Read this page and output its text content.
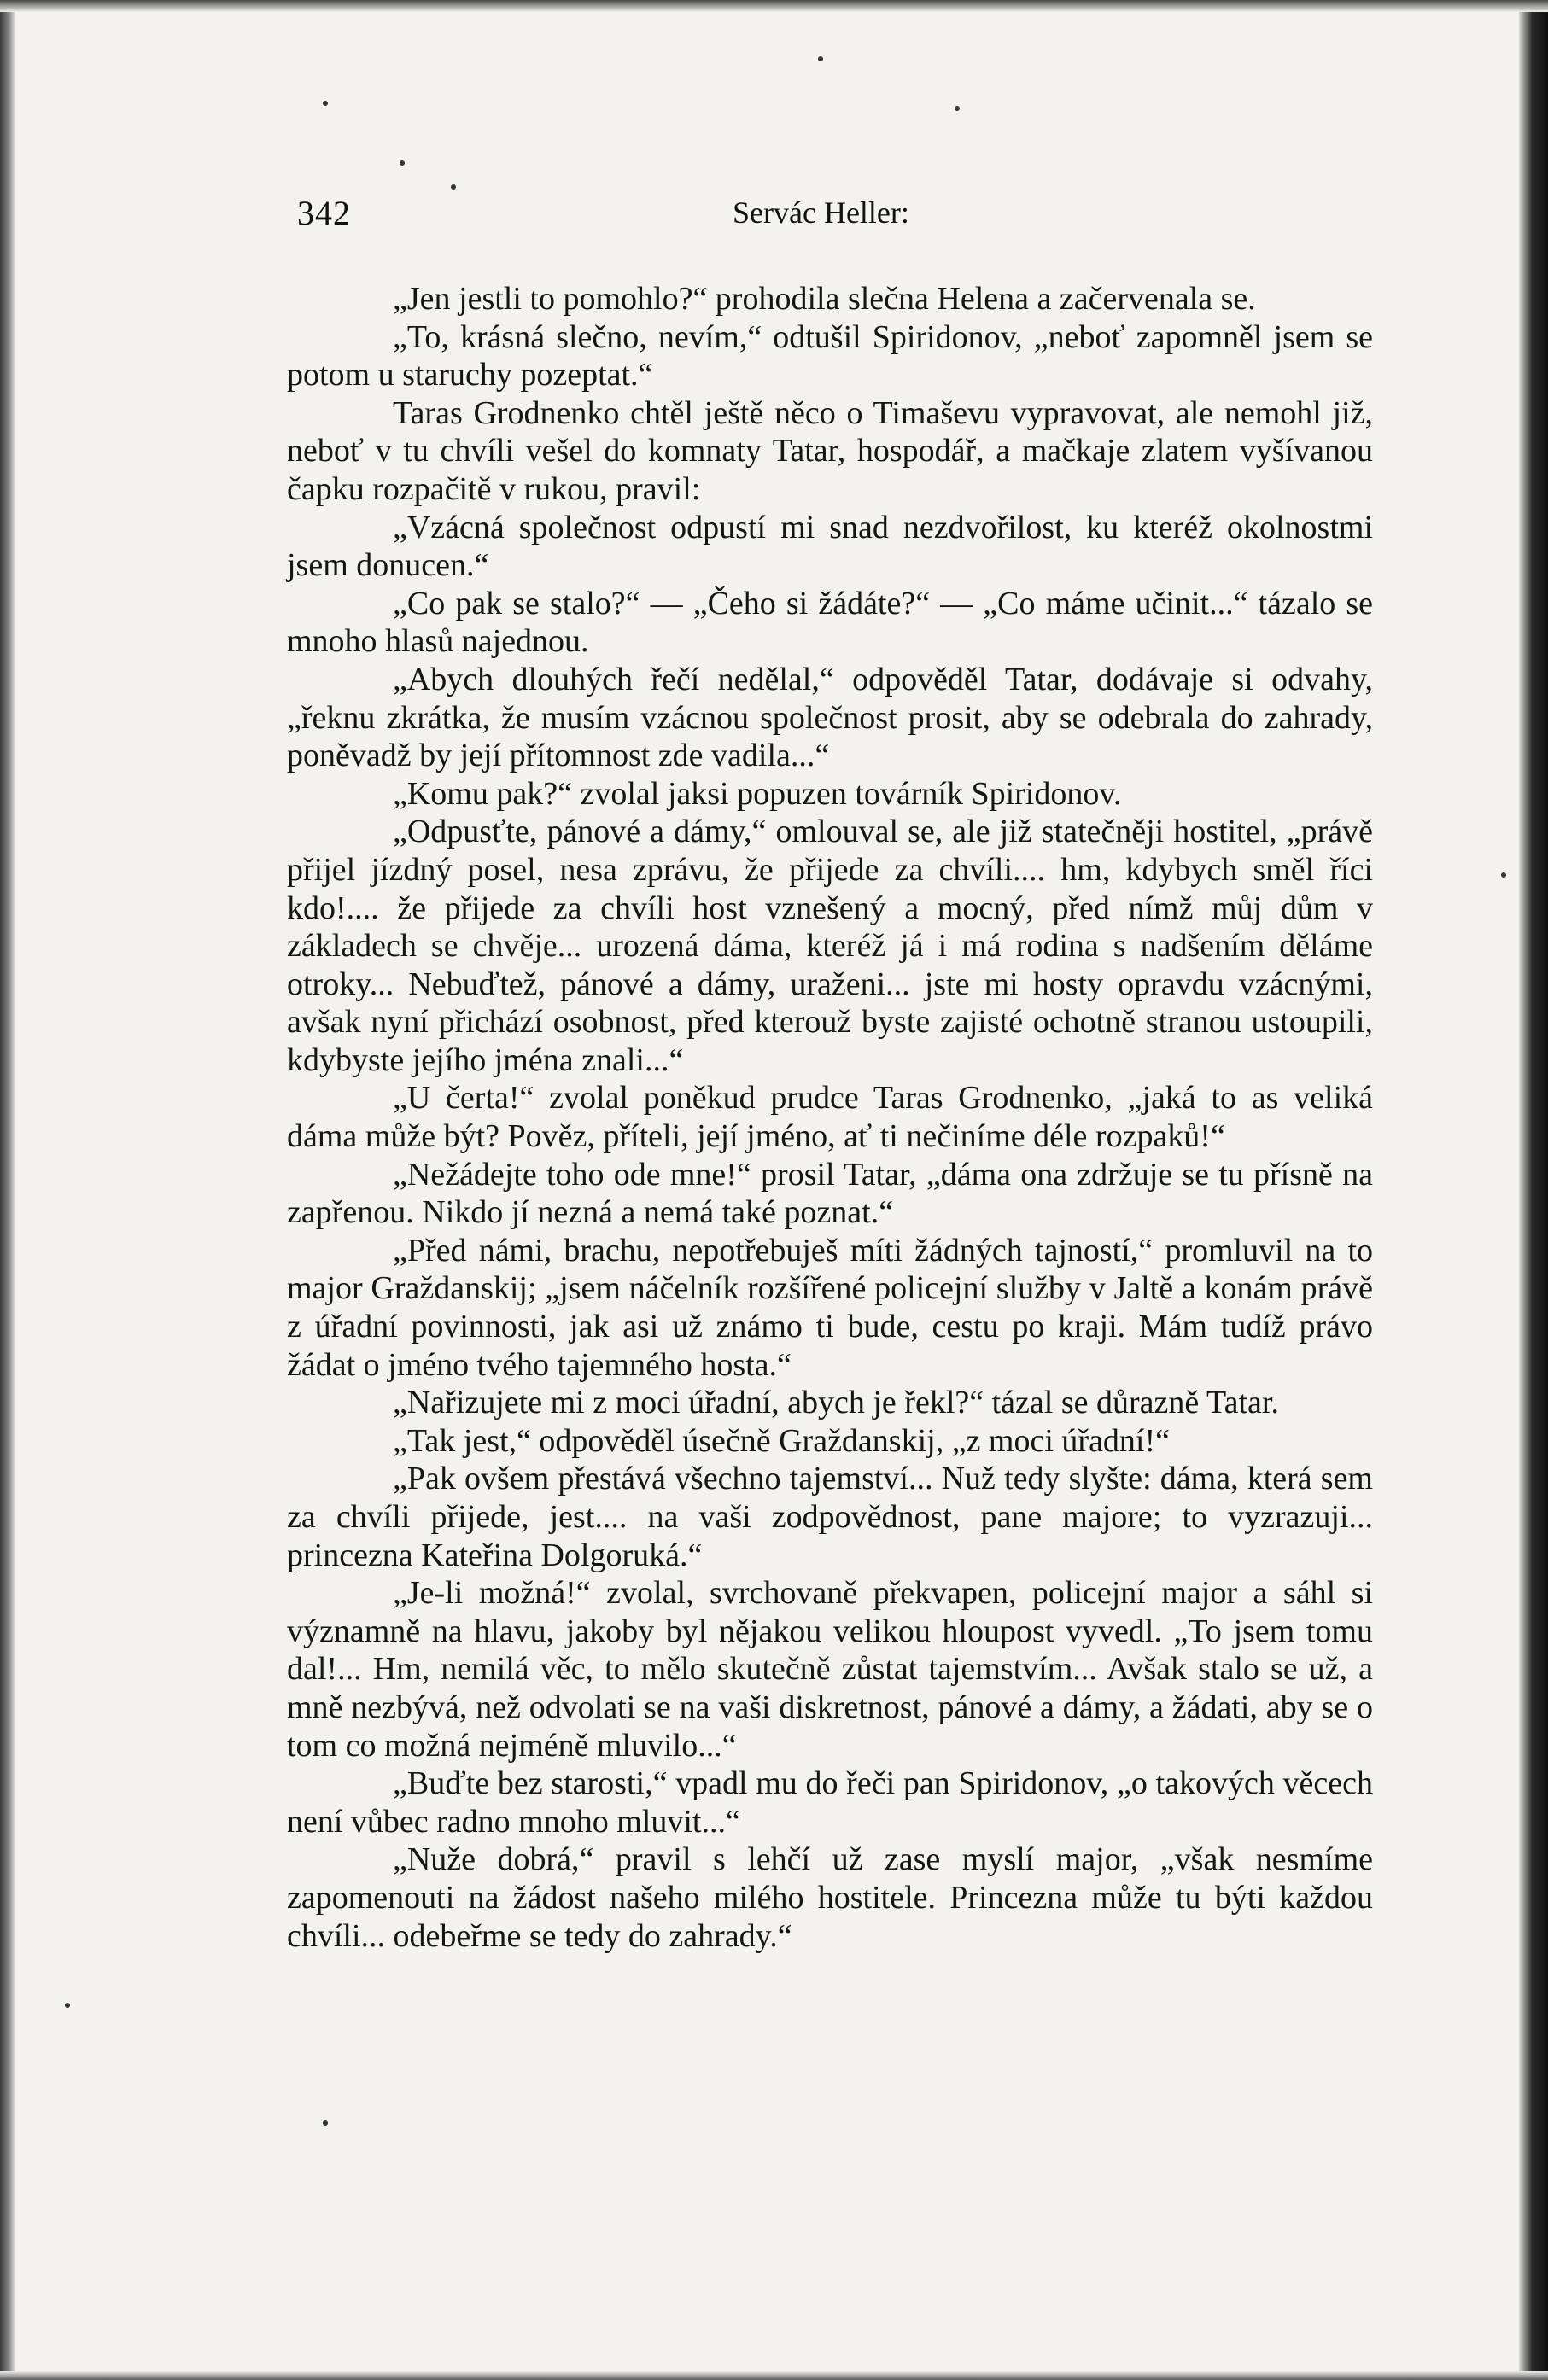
342	Servác Heller:

„Jen jestli to pomohlo?“ prohodila slečna Helena a začervenala se.

„To, krásná slečno, nevím,“ odtušil Spiridonov, „neboť zapomněl jsem se potom u staruchy pozeptat.“

Taras Grodnenko chtěl ještě něco o Timaševu vypravovat, ale nemohl již, neboť v tu chvíli vešel do komnaty Tatar, hospodář, a mačkaje zlatem vyšívanou čapku rozpačitě v rukou, pravil:

„Vzácná společnost odpustí mi snad nezdvořilost, ku kteréž okolnostmi jsem donucen.“

„Co pak se stalo?“ — „Čeho si žádáte?“ — „Co máme učinit...“ tázalo se mnoho hlasů najednou.

„Abych dlouhých řečí nedělal,“ odpověděl Tatar, dodávaje si odvahy, „řeknu zkrátka, že musím vzácnou společnost prosit, aby se odebrala do zahrady, poněvadž by její přítomnost zde vadila...“

„Komu pak?“ zvolal jaksi popuzen továrník Spiridonov.

„Odpusťte, pánové a dámy,“ omlouval se, ale již statečněji hostitel, „právě přijel jízdný posel, nesa zprávu, že přijede za chvíli.... hm, kdybych směl říci kdo!.... že přijede za chvíli host vznešený a mocný, před nímž můj dům v základech se chvěje... urozená dáma, kteréž já i má rodina s nadšením děláme otroky... Nebuďtež, pánové a dámy, uraženi... jste mi hosty opravdu vzácnými, avšak nyní přichází osobnost, před kterouž byste zajisté ochotně stranou ustoupili, kdybyste jejího jména znali...“

„U čerta!“ zvolal poněkud prudce Taras Grodnenko, „jaká to as veliká dáma může být? Pověz, příteli, její jméno, ať ti nečiníme déle rozpaků!“

„Nežádejte toho ode mne!“ prosil Tatar, „dáma ona zdržuje se tu přísně na zapřenou. Nikdo jí nezná a nemá také poznat.“

„Před námi, brachu, nepotřebuješ míti žádných tajností,“ promluvil na to major Graždanskij; „jsem náčelník rozšířené policejní služby v Jaltě a konám právě z úřadní povinnosti, jak asi už známo ti bude, cestu po kraji. Mám tudíž právo žádat o jméno tvého tajemného hosta.“

„Nařizujete mi z moci úřadní, abych je řekl?“ tázal se důrazně Tatar.

„Tak jest,“ odpověděl úsečně Graždanskij, „z moci úřadní!“

„Pak ovšem přestává všechno tajemství... Nuž tedy slyšte: dáma, která sem za chvíli přijede, jest.... na vaši zodpovědnost, pane majore; to vyzrazuji... princezna Kateřina Dolgoruká.“

„Je-li možná!“ zvolal, svrchovaně překvapen, policejní major a sáhl si významně na hlavu, jakoby byl nějakou velikou hloupost vyvedl. „To jsem tomu dal!... Hm, nemilá věc, to mělo skutečně zůstat tajemstvím... Avšak stalo se už, a mně nezbývá, než odvolati se na vaši diskretnost, pánové a dámy, a žádati, aby se o tom co možná nejméně mluvilo...“

„Buďte bez starosti,“ vpadl mu do řeči pan Spiridonov, „o takových věcech není vůbec radno mnoho mluvit...“

„Nuže dobrá,“ pravil s lehčí už zase myslí major, „však nesmíme zapomenouti na žádost našeho milého hostitele. Princezna může tu býti každou chvíli... odebeřme se tedy do zahrady.“
